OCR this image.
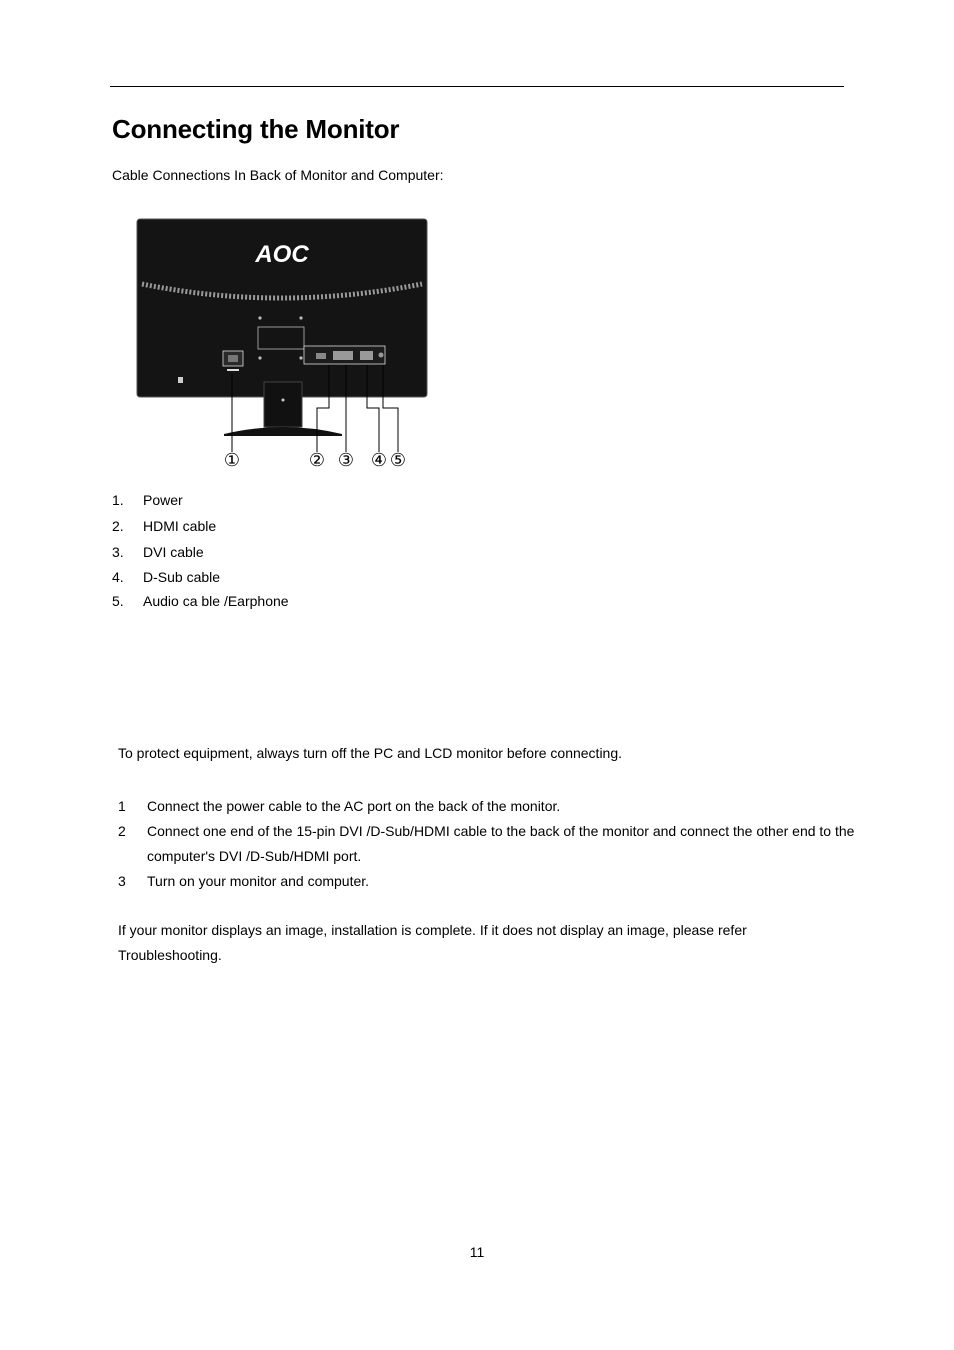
Connecting the Monitor
Cable Connections In Back of Monitor and Computer:
AOC
①	② ③ ④ ⑤
1. Power
2. HDMI cable
3. DVI cable
4. D-Sub cable
5. Audio ca ble /Earphone
To protect equipment, always turn off the PC and LCD monitor before connecting.
1 Connect the power cable to the AC port on the back of the monitor.
2 Connect one end of the 15-pin DVI /D-Sub/HDMI cable to the back of the monitor and connect the other end to the computer's DVI /D-Sub/HDMI port.
3 Turn on your monitor and computer.
If your monitor displays an image, installation is complete. If it does not display an image, please refer Troubleshooting.
11
